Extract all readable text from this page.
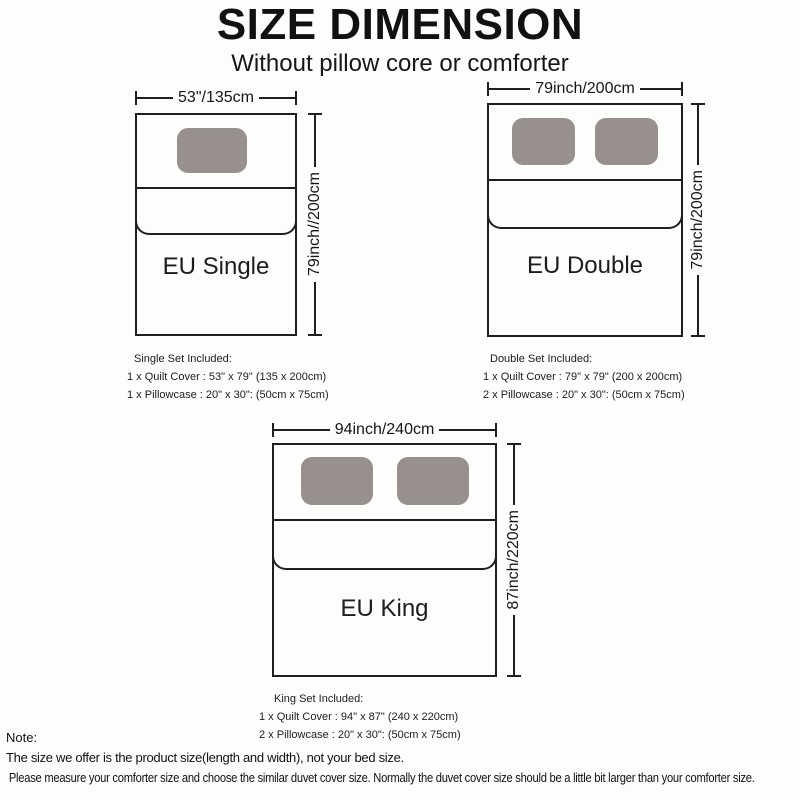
SIZE DIMENSION
Without pillow core or comforter
53"/135cm
EU Single	79inch//200cm
Single Set Included:
1 x Quilt Cover : 53" x 79" (135 x 200cm)
1 x Pillowcase : 20" x 30": (50cm x 75cm)
79inch/200cm
EU Double	79inch/200cm
Double Set Included:
1 x Quilt Cover : 79" x 79" (200 x 200cm)
2 x Pillowcase : 20" x 30": (50cm x 75cm)
94inch/240cm
EU King	87inch/220cm
King Set Included:
1 x Quilt Cover : 94" x 87" (240 x 220cm)
2 x Pillowcase : 20" x 30": (50cm x 75cm)
Note:
The size we offer is the product size(length and width), not your bed size.
Please measure your comforter size and choose the similar duvet cover size. Normally the duvet cover size should be a little bit larger than your comforter size.
